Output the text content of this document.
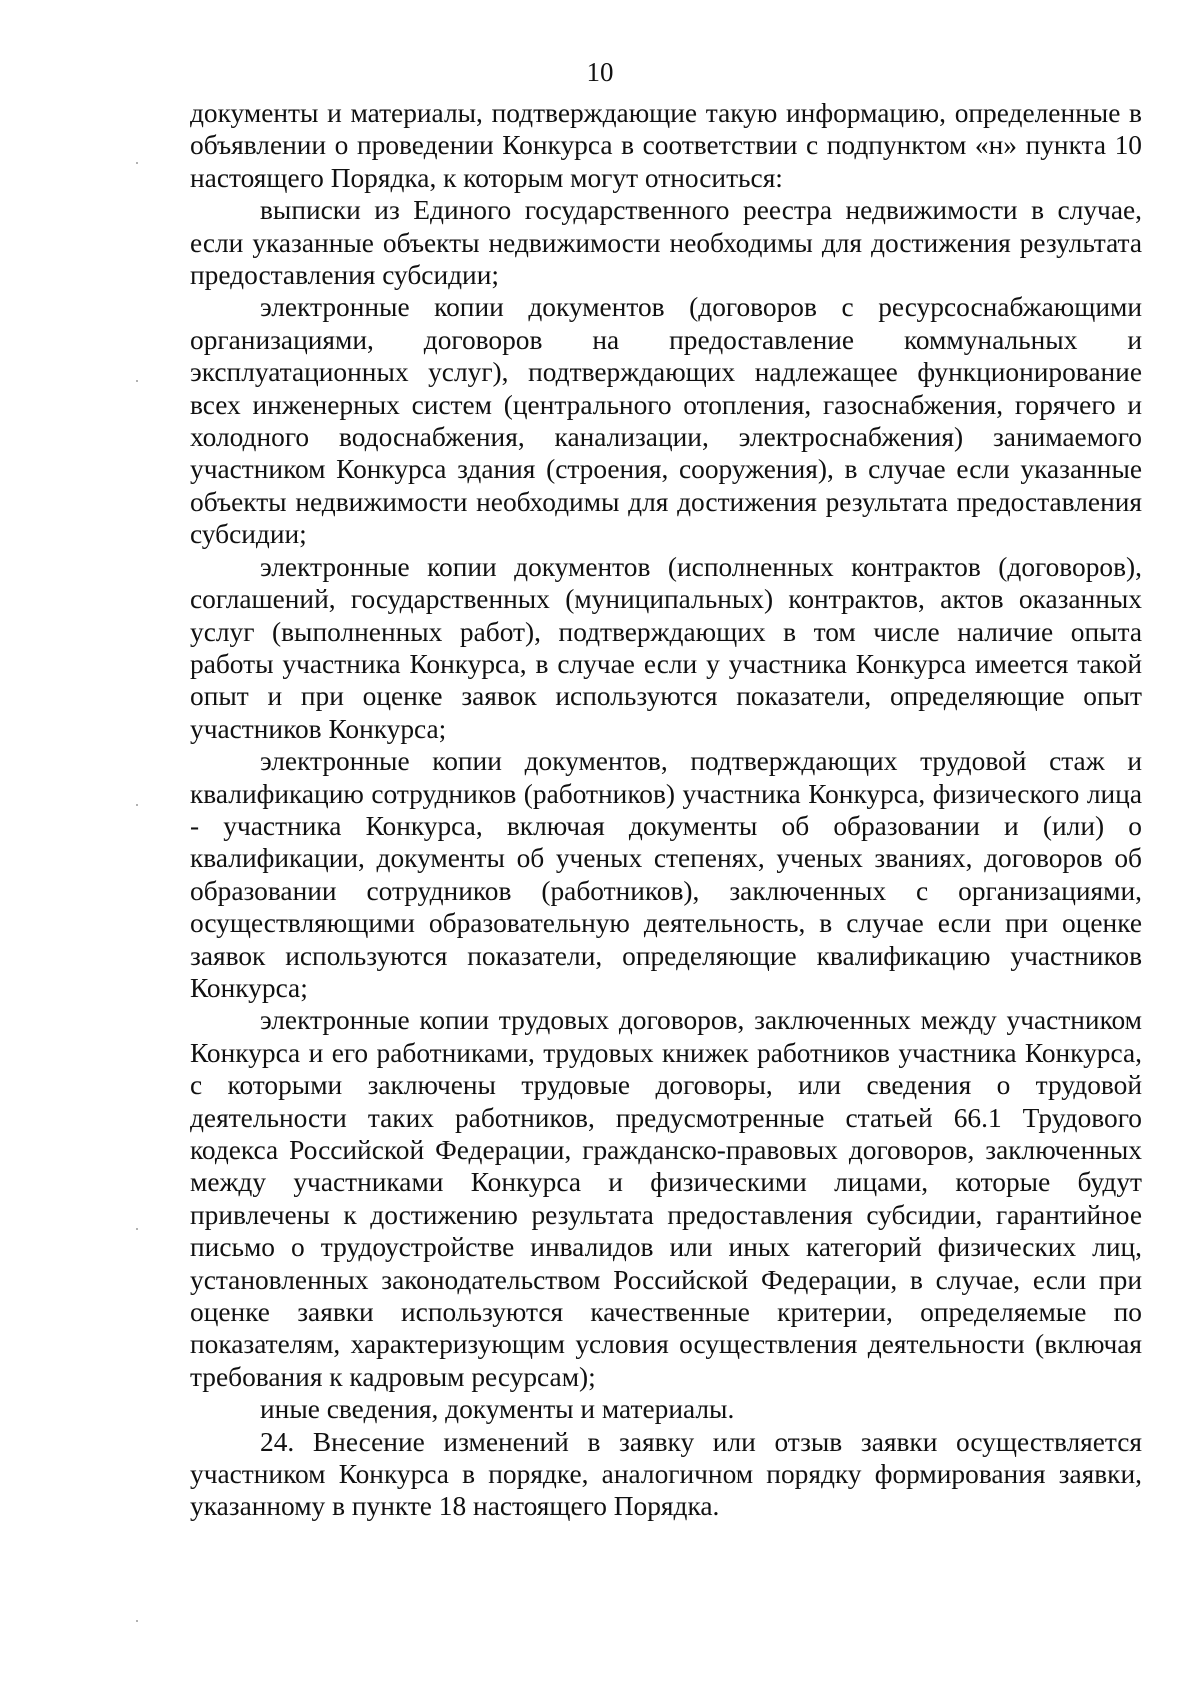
10

документы и материалы, подтверждающие такую информацию, определенные в объявлении о проведении Конкурса в соответствии с подпунктом «н» пункта 10 настоящего Порядка, к которым могут относиться:

выписки из Единого государственного реестра недвижимости в случае, если указанные объекты недвижимости необходимы для достижения результата предоставления субсидии;

электронные копии документов (договоров с ресурсоснабжающими организациями, договоров на предоставление коммунальных и эксплуатационных услуг), подтверждающих надлежащее функционирование всех инженерных систем (центрального отопления, газоснабжения, горячего и холодного водоснабжения, канализации, электроснабжения) занимаемого участником Конкурса здания (строения, сооружения), в случае если указанные объекты недвижимости необходимы для достижения результата предоставления субсидии;

электронные копии документов (исполненных контрактов (договоров), соглашений, государственных (муниципальных) контрактов, актов оказанных услуг (выполненных работ), подтверждающих в том числе наличие опыта работы участника Конкурса, в случае если у участника Конкурса имеется такой опыт и при оценке заявок используются показатели, определяющие опыт участников Конкурса;

электронные копии документов, подтверждающих трудовой стаж и квалификацию сотрудников (работников) участника Конкурса, физического лица - участника Конкурса, включая документы об образовании и (или) о квалификации, документы об ученых степенях, ученых званиях, договоров об образовании сотрудников (работников), заключенных с организациями, осуществляющими образовательную деятельность, в случае если при оценке заявок используются показатели, определяющие квалификацию участников Конкурса;

электронные копии трудовых договоров, заключенных между участником Конкурса и его работниками, трудовых книжек работников участника Конкурса, с которыми заключены трудовые договоры, или сведения о трудовой деятельности таких работников, предусмотренные статьей 66.1 Трудового кодекса Российской Федерации, гражданско-правовых договоров, заключенных между участниками Конкурса и физическими лицами, которые будут привлечены к достижению результата предоставления субсидии, гарантийное письмо о трудоустройстве инвалидов или иных категорий физических лиц, установленных законодательством Российской Федерации, в случае, если при оценке заявки используются качественные критерии, определяемые по показателям, характеризующим условия осуществления деятельности (включая требования к кадровым ресурсам);

иные сведения, документы и материалы.

24. Внесение изменений в заявку или отзыв заявки осуществляется участником Конкурса в порядке, аналогичном порядку формирования заявки, указанному в пункте 18 настоящего Порядка.
